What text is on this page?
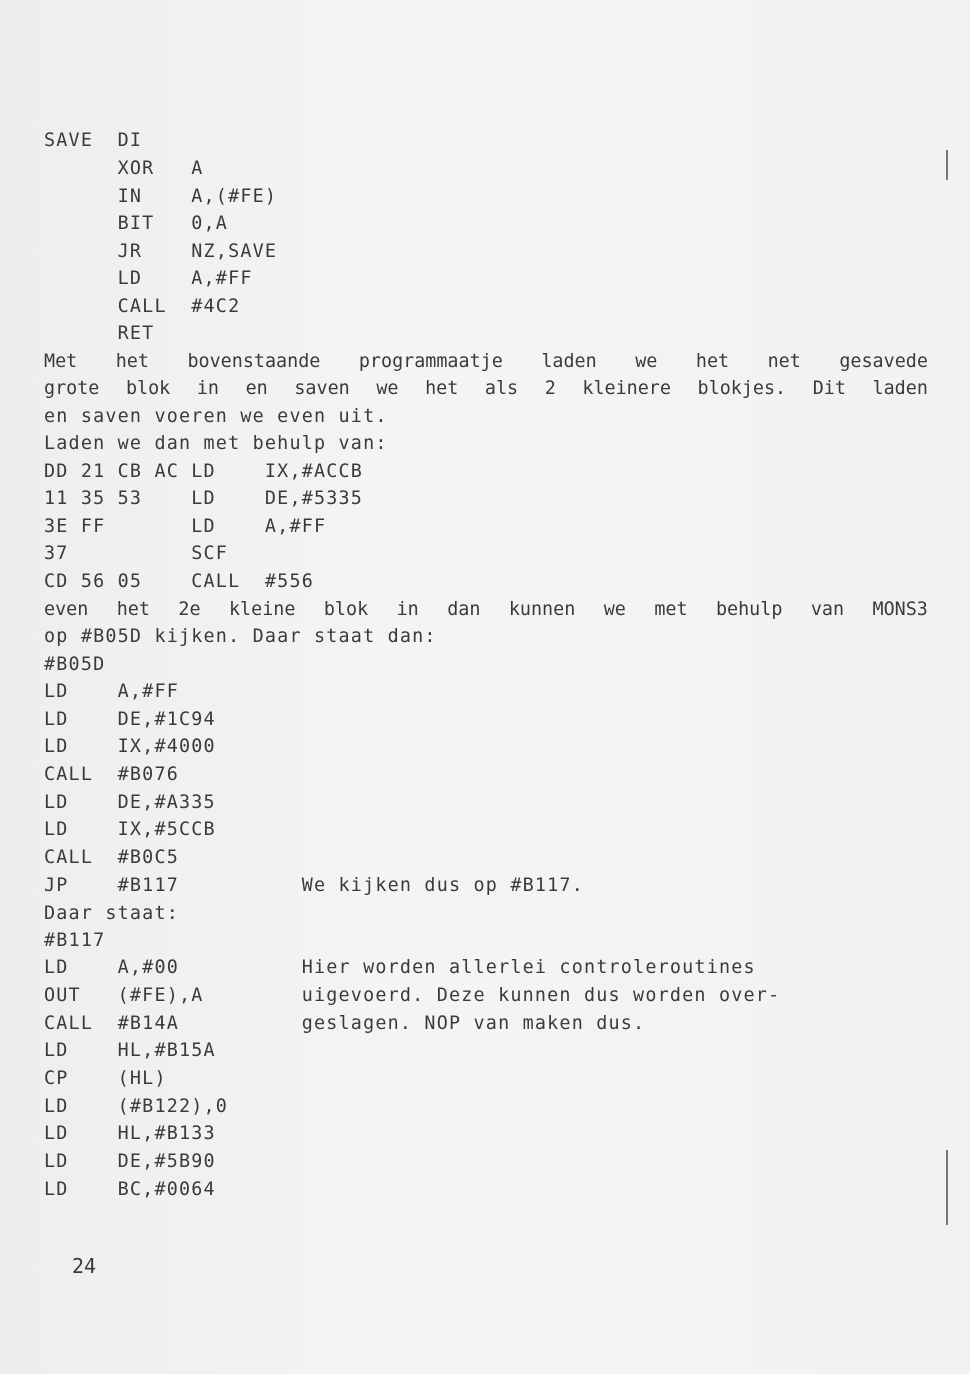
SAVE  DI
XOR   A
IN    A,(#FE)
BIT   0,A
JR    NZ,SAVE
LD    A,#FF
CALL  #4C2
RET
Met het bovenstaande programmaatje laden we het net gesavede
grote blok in en saven we het als 2 kleinere blokjes. Dit laden
en saven voeren we even uit.
Laden we dan met behulp van:
DD 21 CB AC LD    IX,#ACCB
11 35 53    LD    DE,#5335
3E FF       LD    A,#FF
37          SCF
CD 56 05    CALL  #556
even het 2e kleine blok in dan kunnen we met behulp van MONS3
op #B05D kijken. Daar staat dan:
#B05D
LD    A,#FF
LD    DE,#1C94
LD    IX,#4000
CALL  #B076
LD    DE,#A335
LD    IX,#5CCB
CALL  #B0C5
JP    #B117          We kijken dus op #B117.
Daar staat:
#B117
LD    A,#00          Hier worden allerlei controleroutines
OUT   (#FE),A        uigevoerd. Deze kunnen dus worden over-
CALL  #B14A          geslagen. NOP van maken dus.
LD    HL,#B15A
CP    (HL)
LD    (#B122),0
LD    HL,#B133
LD    DE,#5B90
LD    BC,#0064
24
